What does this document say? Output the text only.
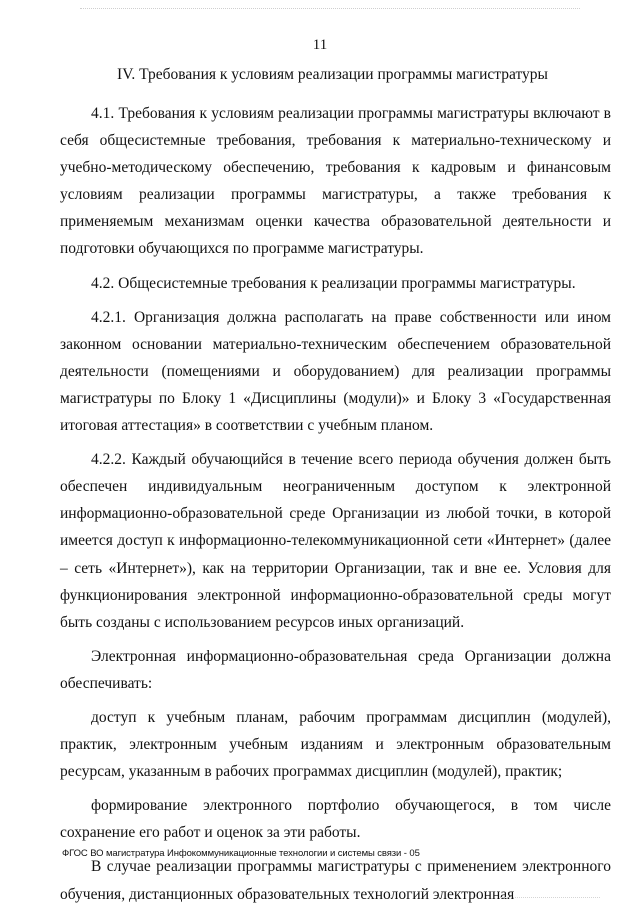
11
IV. Требования к условиям реализации программы магистратуры

4.1. Требования к условиям реализации программы магистратуры включают в себя общесистемные требования, требования к материально-техническому и учебно-методическому обеспечению, требования к кадровым и финансовым условиям реализации программы магистратуры, а также требования к применяемым механизмам оценки качества образовательной деятельности и подготовки обучающихся по программе магистратуры.

4.2. Общесистемные требования к реализации программы магистратуры.

4.2.1. Организация должна располагать на праве собственности или ином законном основании материально-техническим обеспечением образовательной деятельности (помещениями и оборудованием) для реализации программы магистратуры по Блоку 1 «Дисциплины (модули)» и Блоку 3 «Государственная итоговая аттестация» в соответствии с учебным планом.

4.2.2. Каждый обучающийся в течение всего периода обучения должен быть обеспечен индивидуальным неограниченным доступом к электронной информационно-образовательной среде Организации из любой точки, в которой имеется доступ к информационно-телекоммуникационной сети «Интернет» (далее – сеть «Интернет»), как на территории Организации, так и вне ее. Условия для функционирования электронной информационно-образовательной среды могут быть созданы с использованием ресурсов иных организаций.

Электронная информационно-образовательная среда Организации должна обеспечивать:

доступ к учебным планам, рабочим программам дисциплин (модулей), практик, электронным учебным изданиям и электронным образовательным ресурсам, указанным в рабочих программах дисциплин (модулей), практик;

формирование электронного портфолио обучающегося, в том числе сохранение его работ и оценок за эти работы.

В случае реализации программы магистратуры с применением электронного обучения, дистанционных образовательных технологий электронная

ФГОС ВО магистратура Инфокоммуникационные технологии и системы связи - 05
